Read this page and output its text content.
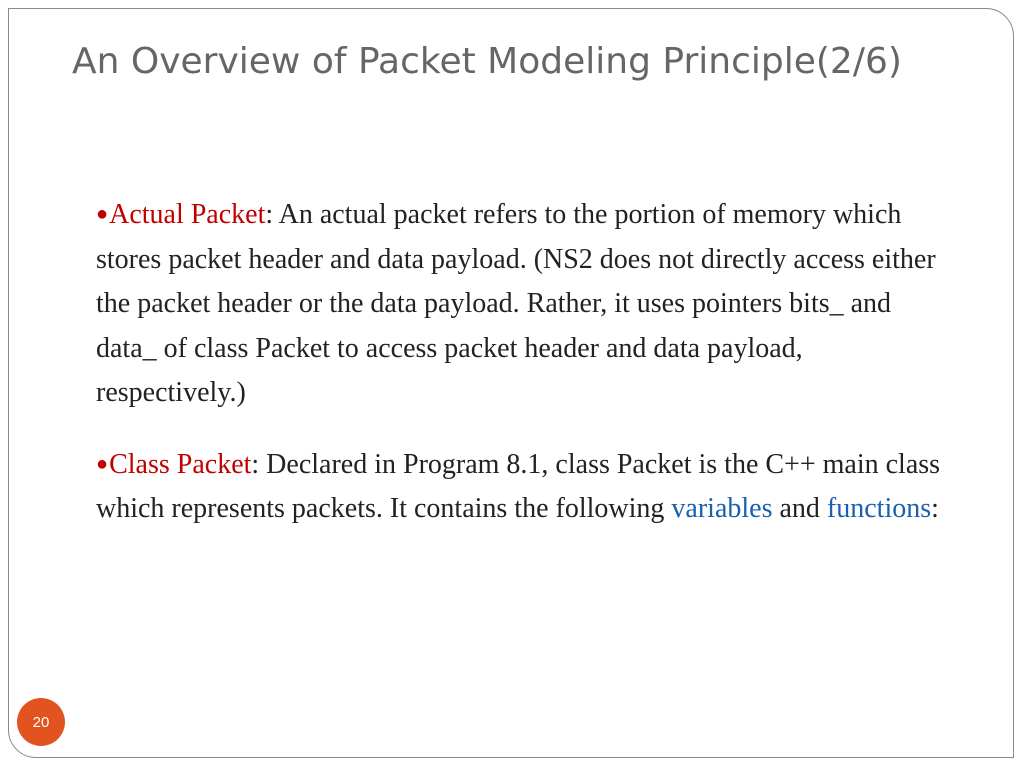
An Overview of Packet Modeling Principle(2/6)

●Actual Packet: An actual packet refers to the portion of memory which stores packet header and data payload. (NS2 does not directly access either the packet header or the data payload. Rather, it uses pointers bits_ and data_ of class Packet to access packet header and data payload, respectively.)

●Class Packet: Declared in Program 8.1, class Packet is the C++ main class which represents packets. It contains the following variables and functions:

20
